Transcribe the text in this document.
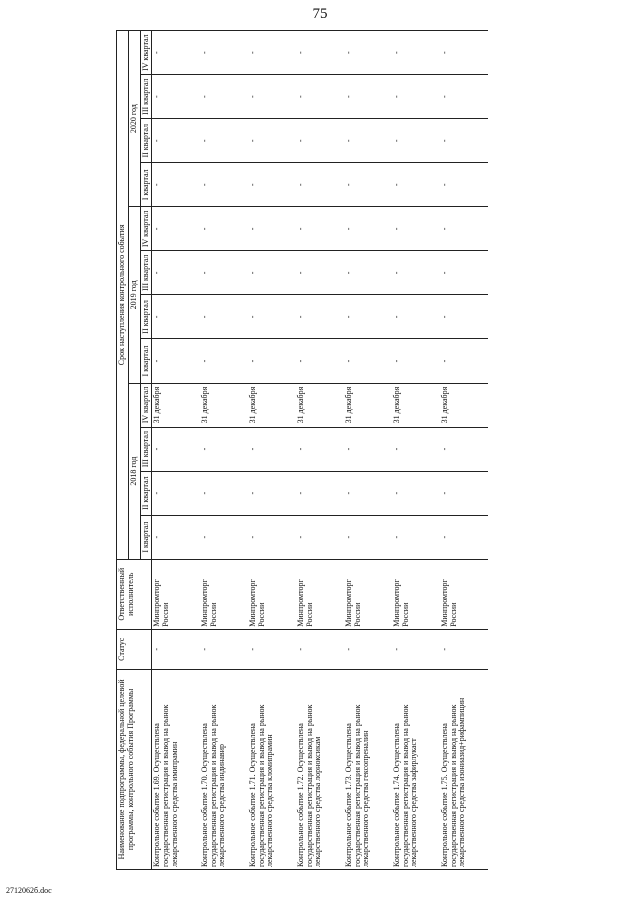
75
Наименование подпрограммы, федеральной целевой программы, контрольного события Программы	Статус	Ответственный исполнитель	Срок наступления контрольного события											
			2018 год				2019 год				2020 год			
			I квартал	II квартал	III квартал	IV квартал	I квартал	II квартал	III квартал	IV квартал	I квартал	II квартал	III квартал	IV квартал
Контрольное событие 1.69. Осуществлена государственная регистрация и вывод на рынок лекарственного средства имипрамин	-	Минпромторг России	-	-	-	31 декабря	-	-	-	-	-	-	-	-
Контрольное событие 1.70. Осуществлена государственная регистрация и вывод на рынок лекарственного средства индинавир	-	Минпромторг России	-	-	-	31 декабря	-	-	-	-	-	-	-	-
Контрольное событие 1.71. Осуществлена государственная регистрация и вывод на рынок лекарственного средства кломипрамин	-	Минпромторг России	-	-	-	31 декабря	-	-	-	-	-	-	-	-
Контрольное событие 1.72. Осуществлена государственная регистрация и вывод на рынок лекарственного средства лорноксикам	-	Минпромторг России	-	-	-	31 декабря	-	-	-	-	-	-	-	-
Контрольное событие 1.73. Осуществлена государственная регистрация и вывод на рынок лекарственного средства гексопреналин	-	Минпромторг России	-	-	-	31 декабря	-	-	-	-	-	-	-	-
Контрольное событие 1.74. Осуществлена государственная регистрация и вывод на рынок лекарственного средства зафирлукаст	-	Минпромторг России	-	-	-	31 декабря	-	-	-	-	-	-	-	-
Контрольное событие 1.75. Осуществлена государственная регистрация и вывод на рынок лекарственного средства изониазид+рифампицин	-	Минпромторг России	-	-	-	31 декабря	-	-	-	-	-	-	-	-
2712062б.doc
